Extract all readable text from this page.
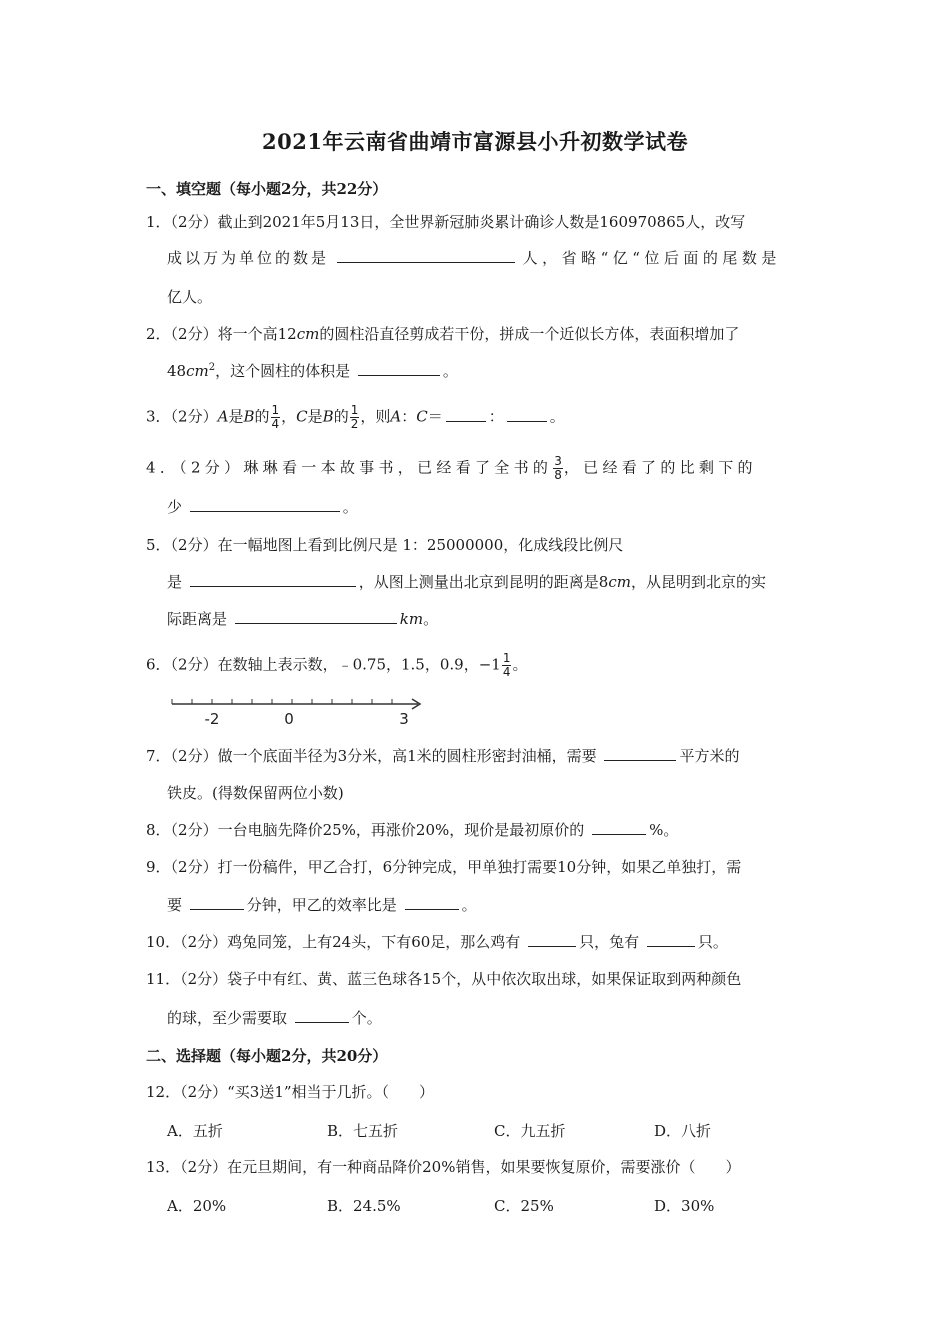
2021年云南省曲靖市富源县小升初数学试卷
一、填空题（每小题2分，共22分）
1．（2分）截止到2021年5月13日，全世界新冠肺炎累计确诊人数是160970865人，改写
成以万为单位的数是	人，省略“亿“位后面的尾数是
亿人。
2．（2分）将一个高12cm的圆柱沿直径剪成若干份，拼成一个近似长方体，表面积增加了
$48cm^2$，这个圆柱的体积是	。
3．（2分）A是B的 $\frac{1}{4}$ ，C是B的 $\frac{1}{2}$ ，则A：C＝	：	。
4．（2分）琳琳看一本故事书，已经看了全书的 $\frac{3}{8}$ ，已经看了的比剩下的
少	。
5．（2分）在一幅地图上看到比例尺是 1：25000000，化成线段比例尺
是	，从图上测量出北京到昆明的距离是8cm，从昆明到北京的实
际距离是	km。
6．（2分）在数轴上表示数，﹣0.75，1.5，0.9，$-1 \frac{1}{4}$ 。
-2	0	3
7．（2分）做一个底面半径为3分米，高1米的圆柱形密封油桶，需要	平方米的
铁皮。(得数保留两位小数)
8．（2分）一台电脑先降价25%，再涨价20%，现价是最初原价的	%。
9．（2分）打一份稿件，甲乙合打，6分钟完成，甲单独打需要10分钟，如果乙单独打，需
要	分钟，甲乙的效率比是	。
10．（2分）鸡兔同笼，上有24头，下有60足，那么鸡有	只，兔有	只。
11．（2分）袋子中有红、黄、蓝三色球各15个，从中依次取出球，如果保证取到两种颜色
的球，至少需要取	个。
二、选择题（每小题2分，共20分）
12．（2分）“买3送1”相当于几折。（　　）
A．五折	B．七五折	C．九五折	D．八折
13．（2分）在元旦期间，有一种商品降价20%销售，如果要恢复原价，需要涨价（　　）
A．20%	B．24.5%	C．25%	D．30%
